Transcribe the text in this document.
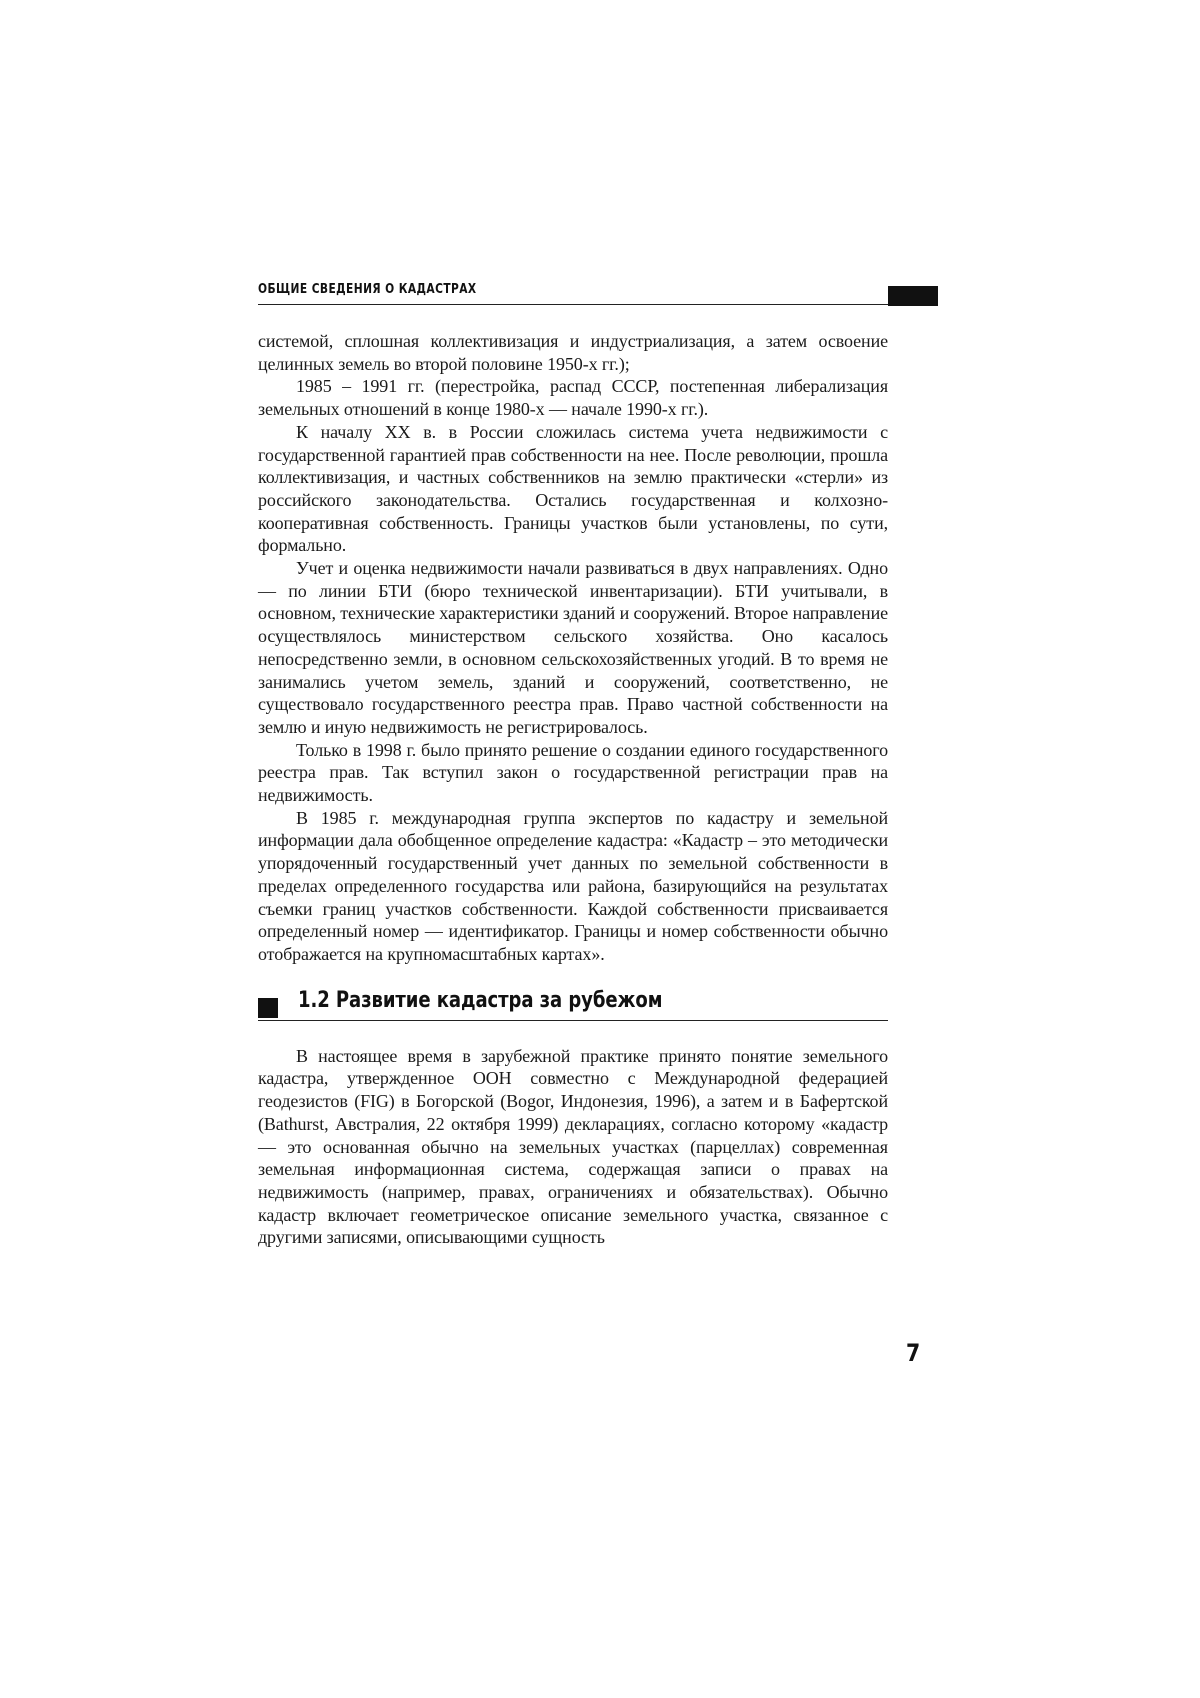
ОБЩИЕ СВЕДЕНИЯ О КАДАСТРАХ

системой, сплошная коллективизация и индустриализация, а затем освоение целинных земель во второй половине 1950-х гг.);

1985 – 1991 гг. (перестройка, распад СССР, постепенная либерализация земельных отношений в конце 1980-х — начале 1990-х гг.).

К началу XX в. в России сложилась система учета недвижимости с государственной гарантией прав собственности на нее. После революции, прошла коллективизация, и частных собственников на землю практически «стерли» из российского законодательства. Остались государственная и колхозно-кооперативная собственность. Границы участков были установлены, по сути, формально.

Учет и оценка недвижимости начали развиваться в двух направлениях. Одно — по линии БТИ (бюро технической инвентаризации). БТИ учитывали, в основном, технические характеристики зданий и сооружений. Второе направление осуществлялось министерством сельского хозяйства. Оно касалось непосредственно земли, в основном сельскохозяйственных угодий. В то время не занимались учетом земель, зданий и сооружений, соответственно, не существовало государственного реестра прав. Право частной собственности на землю и иную недвижимость не регистрировалось.

Только в 1998 г. было принято решение о создании единого государственного реестра прав. Так вступил закон о государственной регистрации прав на недвижимость.

В 1985 г. международная группа экспертов по кадастру и земельной информации дала обобщенное определение кадастра: «Кадастр – это методически упорядоченный государственный учет данных по земельной собственности в пределах определенного государства или района, базирующийся на результатах съемки границ участков собственности. Каждой собственности присваивается определенный номер — идентификатор. Границы и номер собственности обычно отображается на крупномасштабных картах».

1.2 Развитие кадастра за рубежом

В настоящее время в зарубежной практике принято понятие земельного кадастра, утвержденное ООН совместно с Международной федерацией геодезистов (FIG) в Богорской (Bogor, Индонезия, 1996), а затем и в Бафертской (Bathurst, Австралия, 22 октября 1999) декларациях, согласно которому «кадастр — это основанная обычно на земельных участках (парцеллах) современная земельная информационная система, содержащая записи о правах на недвижимость (например, правах, ограничениях и обязательствах). Обычно кадастр включает геометрическое описание земельного участка, связанное с другими записями, описывающими сущность

7
